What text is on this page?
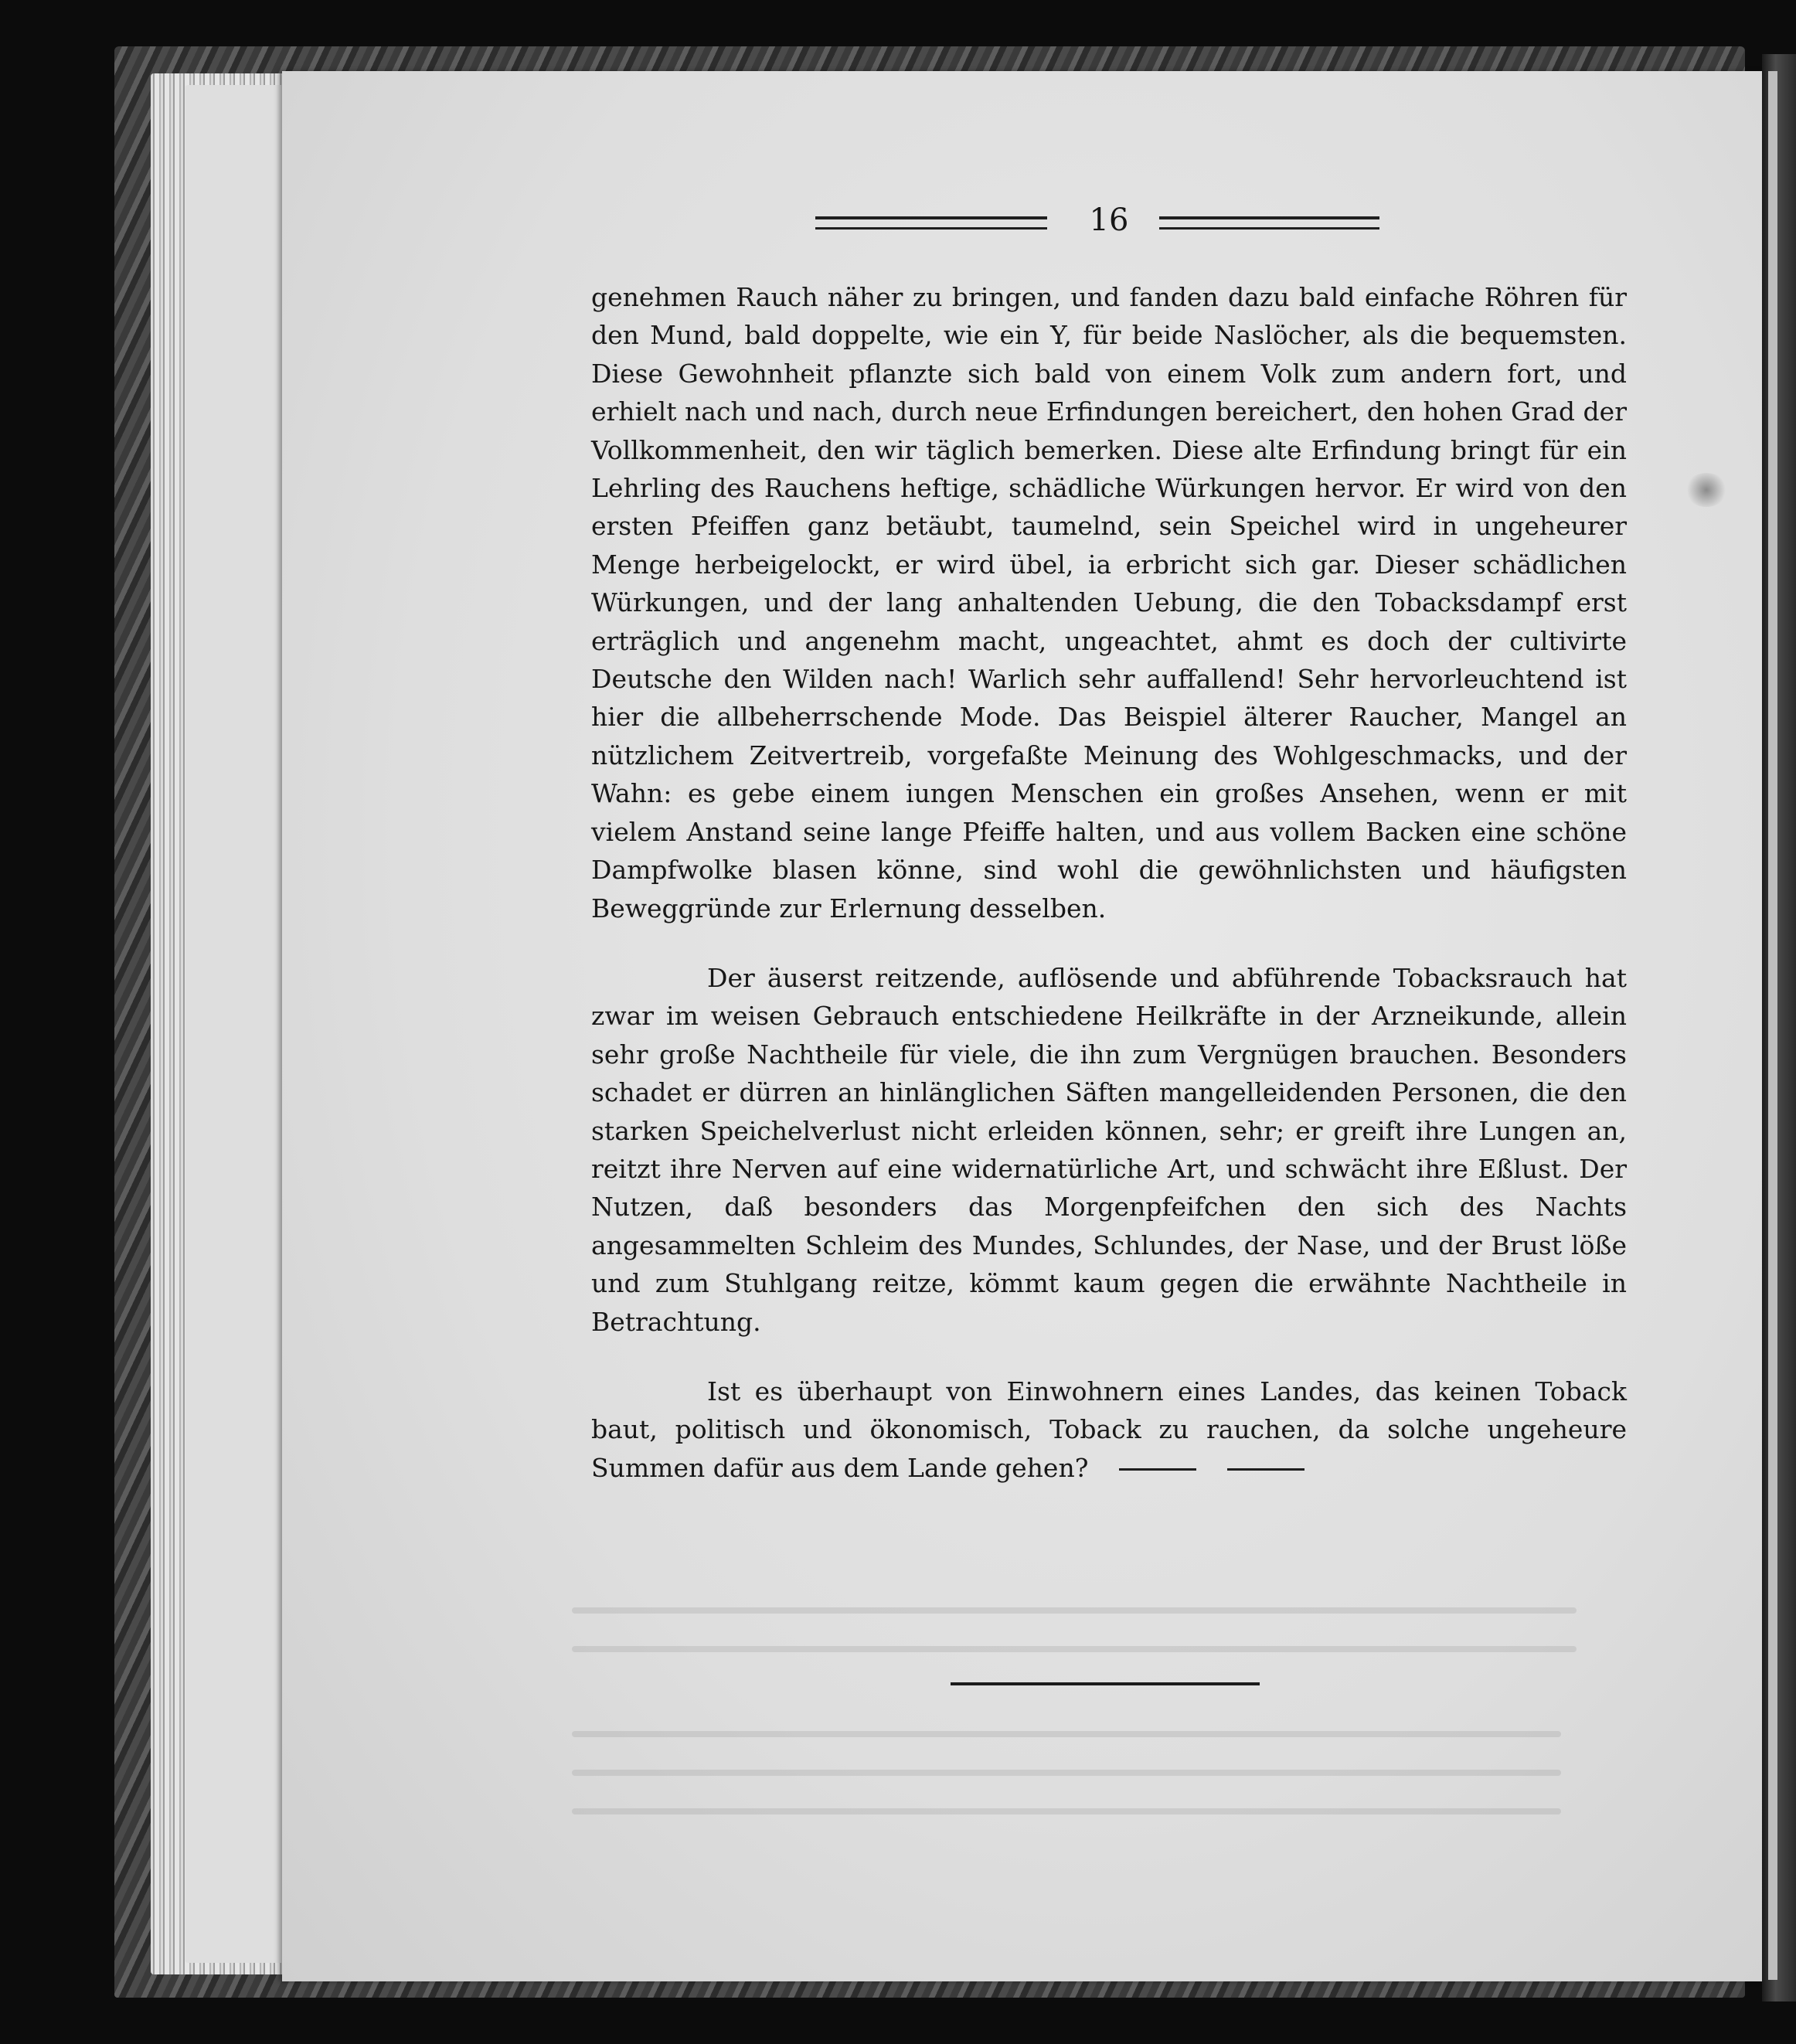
16

genehmen Rauch näher zu bringen, und fanden dazu bald einfache Röhren für den Mund, bald doppelte, wie ein Y, für beide Naslöcher, als die bequemsten. Diese Gewohnheit pflanzte sich bald von einem Volk zum andern fort, und erhielt nach und nach, durch neue Erfindungen bereichert, den hohen Grad der Vollkommenheit, den wir täglich bemerken. Diese alte Erfindung bringt für ein Lehrling des Rauchens heftige, schädliche Würkungen hervor. Er wird von den ersten Pfeiffen ganz betäubt, taumelnd, sein Speichel wird in ungeheurer Menge herbeigelockt, er wird übel, ia erbricht sich gar. Dieser schädlichen Würkungen, und der lang anhaltenden Uebung, die den Tobacksdampf erst erträglich und angenehm macht, ungeachtet, ahmt es doch der cultivirte Deutsche den Wilden nach! Warlich sehr auffallend! Sehr hervorleuchtend ist hier die allbeherrschende Mode. Das Beispiel älterer Raucher, Mangel an nützlichem Zeitvertreib, vorgefaßte Meinung des Wohlgeschmacks, und der Wahn: es gebe einem iungen Menschen ein großes Ansehen, wenn er mit vielem Anstand seine lange Pfeiffe halten, und aus vollem Backen eine schöne Dampfwolke blasen könne, sind wohl die gewöhnlichsten und häufigsten Beweggründe zur Erlernung desselben.

Der äuserst reitzende, auflösende und abführende Tobacksrauch hat zwar im weisen Gebrauch entschiedene Heilkräfte in der Arzneikunde, allein sehr große Nachtheile für viele, die ihn zum Vergnügen brauchen. Besonders schadet er dürren an hinlänglichen Säften mangelleidenden Personen, die den starken Speichelverlust nicht erleiden können, sehr; er greift ihre Lungen an, reitzt ihre Nerven auf eine widernatürliche Art, und schwächt ihre Eßlust. Der Nutzen, daß besonders das Morgenpfeifchen den sich des Nachts angesammelten Schleim des Mundes, Schlundes, der Nase, und der Brust löße und zum Stuhlgang reitze, kömmt kaum gegen die erwähnte Nachtheile in Betrachtung.

Ist es überhaupt von Einwohnern eines Landes, das keinen Toback baut, politisch und ökonomisch, Toback zu rauchen, da solche ungeheure Summen dafür aus dem Lande gehen?
